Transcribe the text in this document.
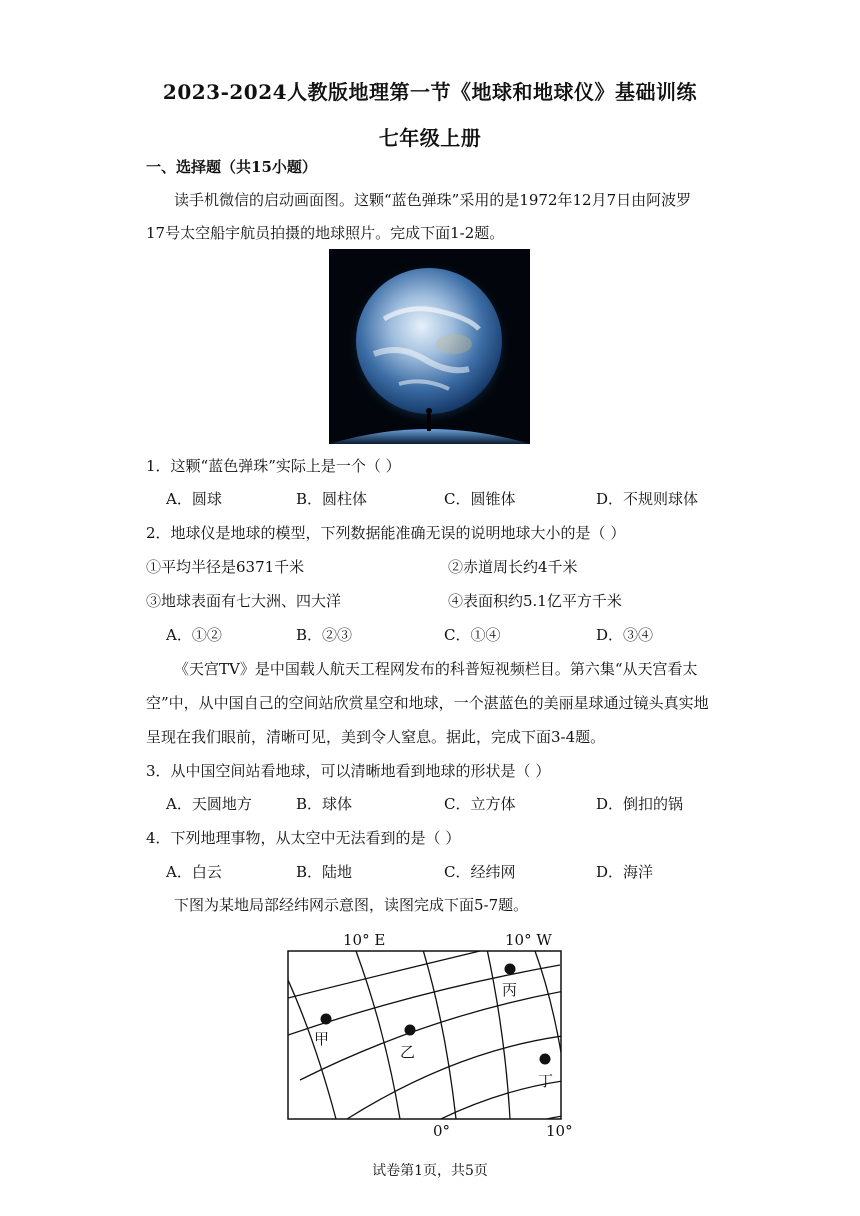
2023-2024人教版地理第一节《地球和地球仪》基础训练
七年级上册
一、选择题（共15小题）
读手机微信的启动画面图。这颗“蓝色弹珠”采用的是1972年12月7日由阿波罗
17号太空船宇航员拍摄的地球照片。完成下面1-2题。
1．这颗“蓝色弹珠”实际上是一个（ ）
A．圆球	B．圆柱体	C．圆锥体	D．不规则球体
2．地球仪是地球的模型，下列数据能准确无误的说明地球大小的是（ ）
①平均半径是6371千米	②赤道周长约4千米
③地球表面有七大洲、四大洋	④表面积约5.1亿平方千米
A．①②	B．②③	C．①④	D．③④
《天宫TV》是中国载人航天工程网发布的科普短视频栏目。第六集“从天宫看太
空”中，从中国自己的空间站欣赏星空和地球，一个湛蓝色的美丽星球通过镜头真实地
呈现在我们眼前，清晰可见，美到令人窒息。据此，完成下面3-4题。
3．从中国空间站看地球，可以清晰地看到地球的形状是（ ）
A．天圆地方	B．球体	C．立方体	D．倒扣的锅
4．下列地理事物，从太空中无法看到的是（ ）
A．白云	B．陆地	C．经纬网	D．海洋
下图为某地局部经纬网示意图，读图完成下面5-7题。
10° E	10° W
0°	10°
甲
乙
丙
丁
试卷第1页，共5页
